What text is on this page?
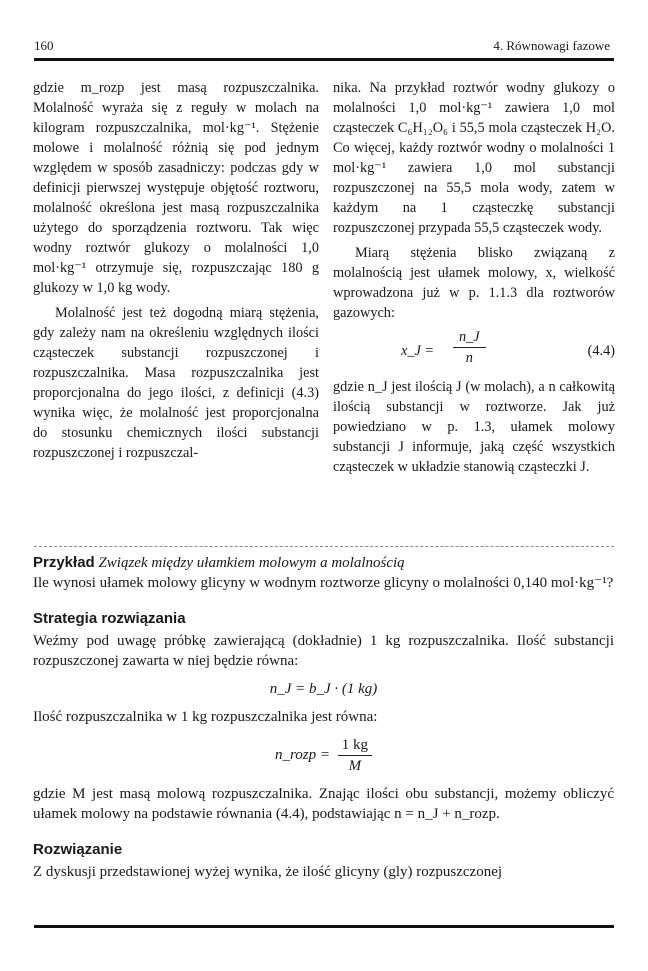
160	4. Równowagi fazowe

gdzie m_rozp jest masą rozpuszczalnika. Molalność wyraża się z reguły w molach na kilogram rozpuszczalnika, mol·kg⁻¹. Stężenie molowe i molalność różnią się pod jednym względem w sposób zasadniczy: podczas gdy w definicji pierwszej występuje objętość roztworu, molalność określona jest masą rozpuszczalnika użytego do sporządzenia roztworu. Tak więc wodny roztwór glukozy o molalności 1,0 mol·kg⁻¹ otrzymuje się, rozpuszczając 180 g glukozy w 1,0 kg wody.

Molalność jest też dogodną miarą stężenia, gdy zależy nam na określeniu względnych ilości cząsteczek substancji rozpuszczonej i rozpuszczalnika. Masa rozpuszczalnika jest proporcjonalna do jego ilości, z definicji (4.3) wynika więc, że molalność jest proporcjonalna do stosunku chemicznych ilości substancji rozpuszczonej i rozpuszczal-

nika. Na przykład roztwór wodny glukozy o molalności 1,0 mol·kg⁻¹ zawiera 1,0 mol cząsteczek C₆H₁₂O₆ i 55,5 mola cząsteczek H₂O. Co więcej, każdy roztwór wodny o molalności 1 mol·kg⁻¹ zawiera 1,0 mol substancji rozpuszczonej na 55,5 mola wody, zatem w każdym na 1 cząsteczkę substancji rozpuszczonej przypada 55,5 cząsteczek wody.

Miarą stężenia blisko związaną z molalnością jest ułamek molowy, x, wielkość wprowadzona już w p. 1.1.3 dla roztworów gazowych:

x_J = $\frac{n\_J}{n}$	(4.4)

gdzie n_J jest ilością J (w molach), a n całkowitą ilością substancji w roztworze. Jak już powiedziano w p. 1.3, ułamek molowy substancji J informuje, jaką część wszystkich cząsteczek w układzie stanowią cząsteczki J.

Przykład Związek między ułamkiem molowym a molalnością

Ile wynosi ułamek molowy glicyny w wodnym roztworze glicyny o molalności 0,140 mol·kg⁻¹?

Strategia rozwiązania

Weźmy pod uwagę próbkę zawierającą (dokładnie) 1 kg rozpuszczalnika. Ilość substancji rozpuszczonej zawarta w niej będzie równa:

n_J = b_J · (1 kg)

Ilość rozpuszczalnika w 1 kg rozpuszczalnika jest równa:

n_rozp = $\frac{1 kg}{M}$

gdzie M jest masą molową rozpuszczalnika. Znając ilości obu substancji, możemy obliczyć ułamek molowy na podstawie równania (4.4), podstawiając n = n_J + n_rozp.

Rozwiązanie

Z dyskusji przedstawionej wyżej wynika, że ilość glicyny (gly) rozpuszczonej
